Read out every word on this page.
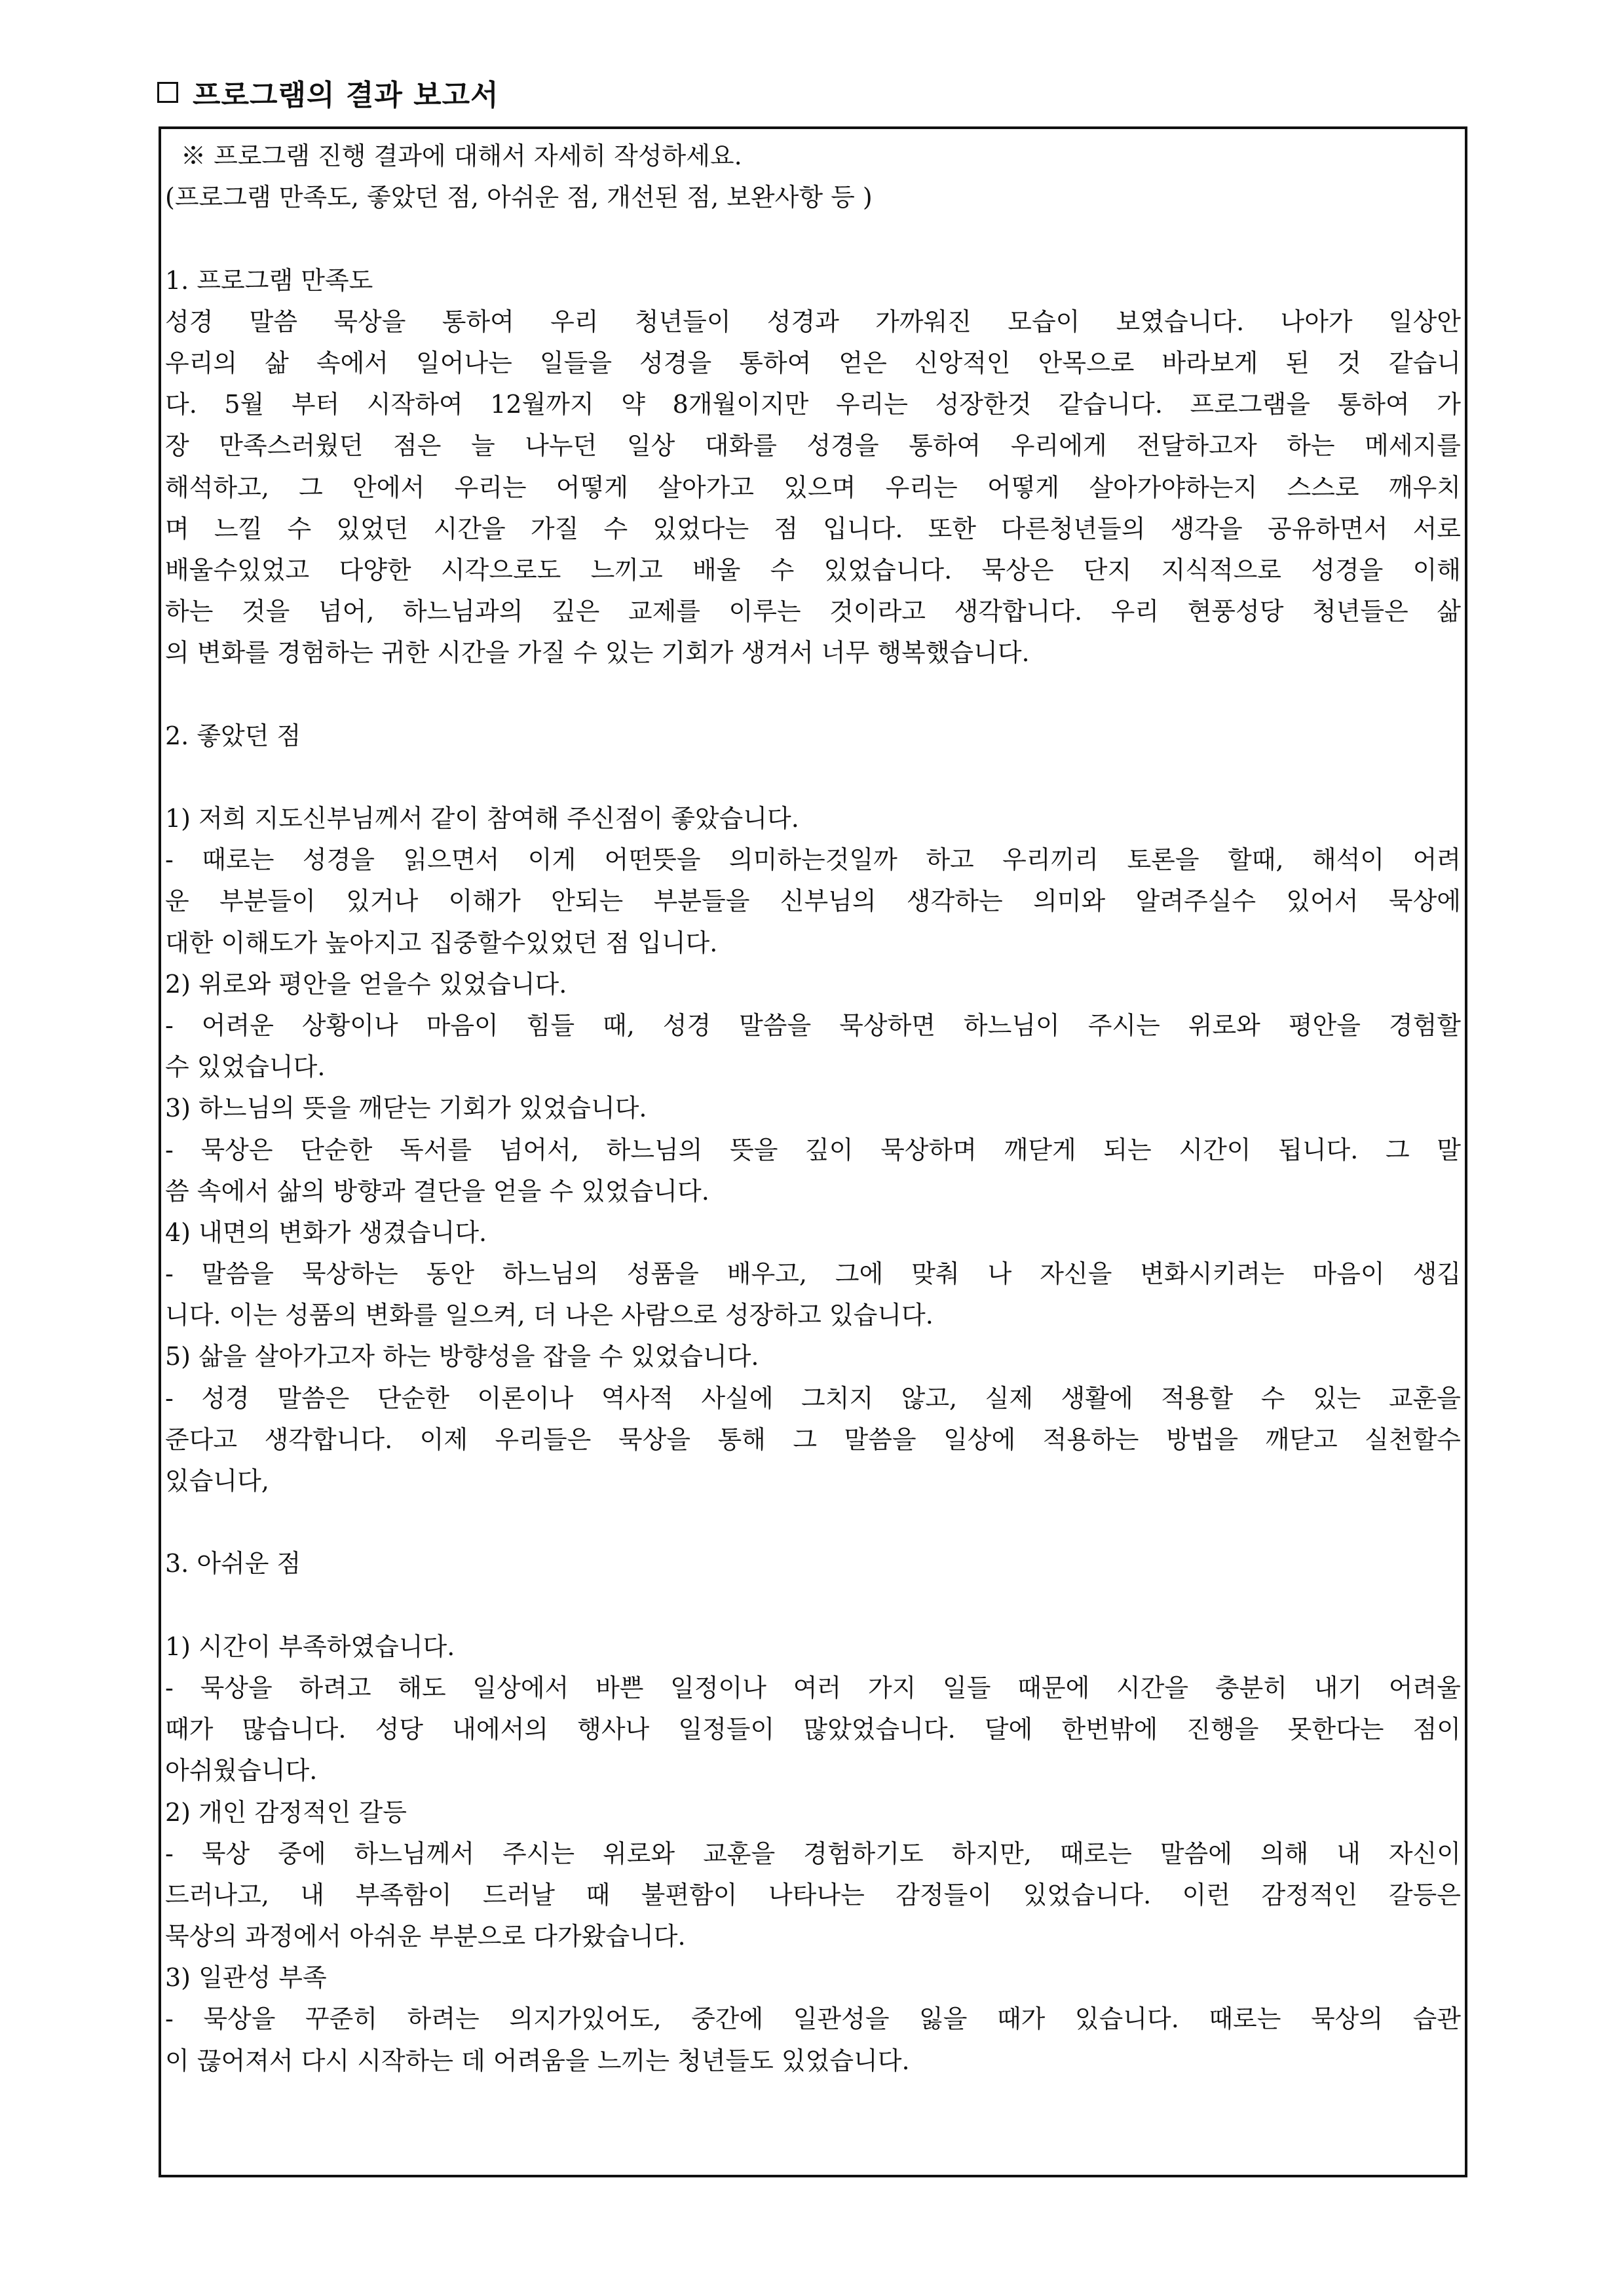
프로그램의 결과 보고서
※ 프로그램 진행 결과에 대해서 자세히 작성하세요.
(프로그램 만족도, 좋았던 점, 아쉬운 점, 개선된 점, 보완사항 등 )
1. 프로그램 만족도
성경 말씀 묵상을 통하여 우리 청년들이 성경과 가까워진 모습이 보였습니다. 나아가 일상안
우리의 삶 속에서 일어나는 일들을 성경을 통하여 얻은 신앙적인 안목으로 바라보게 된 것 같습니
다. 5월 부터 시작하여 12월까지 약 8개월이지만 우리는 성장한것 같습니다. 프로그램을 통하여 가
장 만족스러웠던 점은 늘 나누던 일상 대화를 성경을 통하여 우리에게 전달하고자 하는 메세지를
해석하고, 그 안에서 우리는 어떻게 살아가고 있으며 우리는 어떻게 살아가야하는지 스스로 깨우치
며 느낄 수 있었던 시간을 가질 수 있었다는 점 입니다. 또한 다른청년들의 생각을 공유하면서 서로
배울수있었고 다양한 시각으로도 느끼고 배울 수 있었습니다. 묵상은 단지 지식적으로 성경을 이해
하는 것을 넘어, 하느님과의 깊은 교제를 이루는 것이라고 생각합니다. 우리 현풍성당 청년들은 삶
의 변화를 경험하는 귀한 시간을 가질 수 있는 기회가 생겨서 너무 행복했습니다.
2. 좋았던 점
1) 저희 지도신부님께서 같이 참여해 주신점이 좋았습니다.
- 때로는 성경을 읽으면서 이게 어떤뜻을 의미하는것일까 하고 우리끼리 토론을 할때, 해석이 어려
운 부분들이 있거나 이해가 안되는 부분들을 신부님의 생각하는 의미와 알려주실수 있어서 묵상에
대한 이해도가 높아지고 집중할수있었던 점 입니다.
2) 위로와 평안을 얻을수 있었습니다.
- 어려운 상황이나 마음이 힘들 때, 성경 말씀을 묵상하면 하느님이 주시는 위로와 평안을 경험할
수 있었습니다.
3) 하느님의 뜻을 깨닫는 기회가 있었습니다.
- 묵상은 단순한 독서를 넘어서, 하느님의 뜻을 깊이 묵상하며 깨닫게 되는 시간이 됩니다. 그 말
씀 속에서 삶의 방향과 결단을 얻을 수 있었습니다.
4) 내면의 변화가 생겼습니다.
- 말씀을 묵상하는 동안 하느님의 성품을 배우고, 그에 맞춰 나 자신을 변화시키려는 마음이 생깁
니다. 이는 성품의 변화를 일으켜, 더 나은 사람으로 성장하고 있습니다.
5) 삶을 살아가고자 하는 방향성을 잡을 수 있었습니다.
- 성경 말씀은 단순한 이론이나 역사적 사실에 그치지 않고, 실제 생활에 적용할 수 있는 교훈을
준다고 생각합니다. 이제 우리들은 묵상을 통해 그 말씀을 일상에 적용하는 방법을 깨닫고 실천할수
있습니다,
3. 아쉬운 점
1) 시간이 부족하였습니다.
- 묵상을 하려고 해도 일상에서 바쁜 일정이나 여러 가지 일들 때문에 시간을 충분히 내기 어려울
때가 많습니다. 성당 내에서의 행사나 일정들이 많았었습니다. 달에 한번밖에 진행을 못한다는 점이
아쉬웠습니다.
2) 개인 감정적인 갈등
- 묵상 중에 하느님께서 주시는 위로와 교훈을 경험하기도 하지만, 때로는 말씀에 의해 내 자신이
드러나고, 내 부족함이 드러날 때 불편함이 나타나는 감정들이 있었습니다. 이런 감정적인 갈등은
묵상의 과정에서 아쉬운 부분으로 다가왔습니다.
3) 일관성 부족
- 묵상을 꾸준히 하려는 의지가있어도, 중간에 일관성을 잃을 때가 있습니다. 때로는 묵상의 습관
이 끊어져서 다시 시작하는 데 어려움을 느끼는 청년들도 있었습니다.
